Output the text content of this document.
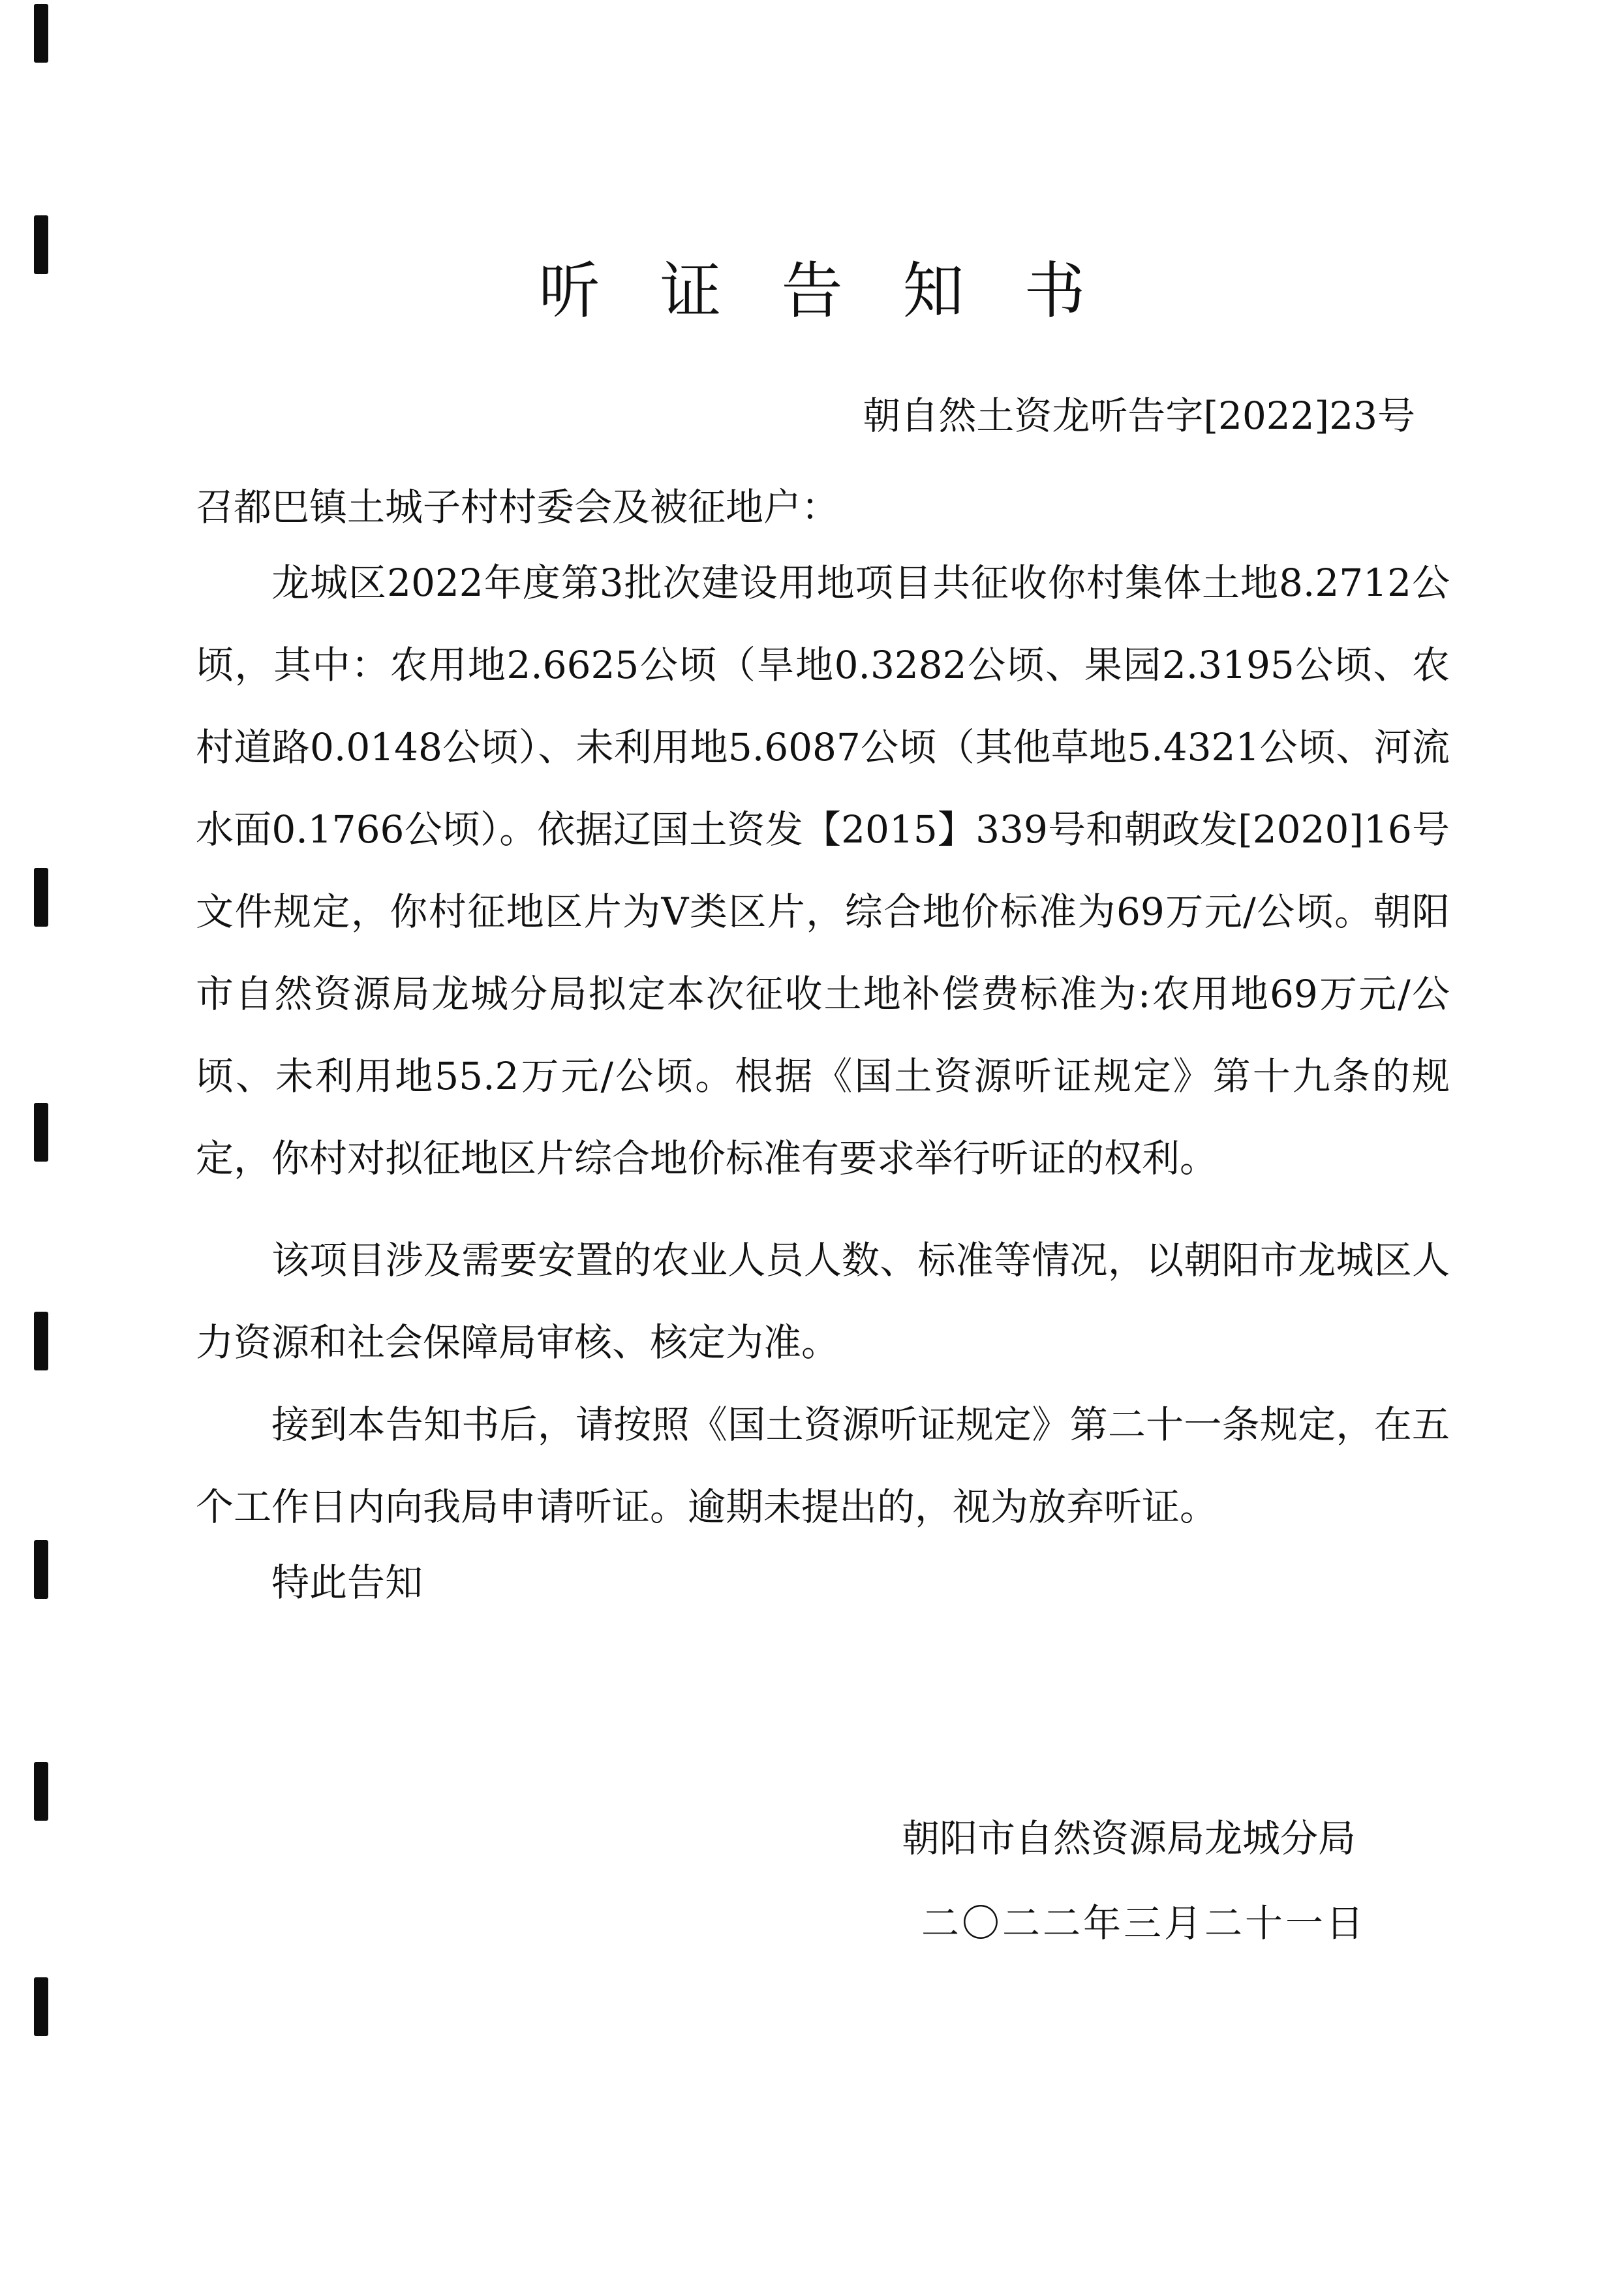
听证告知书
朝自然土资龙听告字[2022]23号
召都巴镇土城子村村委会及被征地户：

龙城区2022年度第3批次建设用地项目共征收你村集体土地8.2712公顷，其中：农用地2.6625公顷（旱地0.3282公顷、果园2.3195公顷、农村道路0.0148公顷）、未利用地5.6087公顷（其他草地5.4321公顷、河流水面0.1766公顷）。依据辽国土资发【2015】339号和朝政发[2020]16号文件规定，你村征地区片为V类区片，综合地价标准为69万元/公顷。朝阳市自然资源局龙城分局拟定本次征收土地补偿费标准为:农用地69万元/公顷、未利用地55.2万元/公顷。根据《国土资源听证规定》第十九条的规定，你村对拟征地区片综合地价标准有要求举行听证的权利。

该项目涉及需要安置的农业人员人数、标准等情况，以朝阳市龙城区人力资源和社会保障局审核、核定为准。

接到本告知书后，请按照《国土资源听证规定》第二十一条规定，在五个工作日内向我局申请听证。逾期未提出的，视为放弃听证。

特此告知
朝阳市自然资源局龙城分局
二〇二二年三月二十一日
